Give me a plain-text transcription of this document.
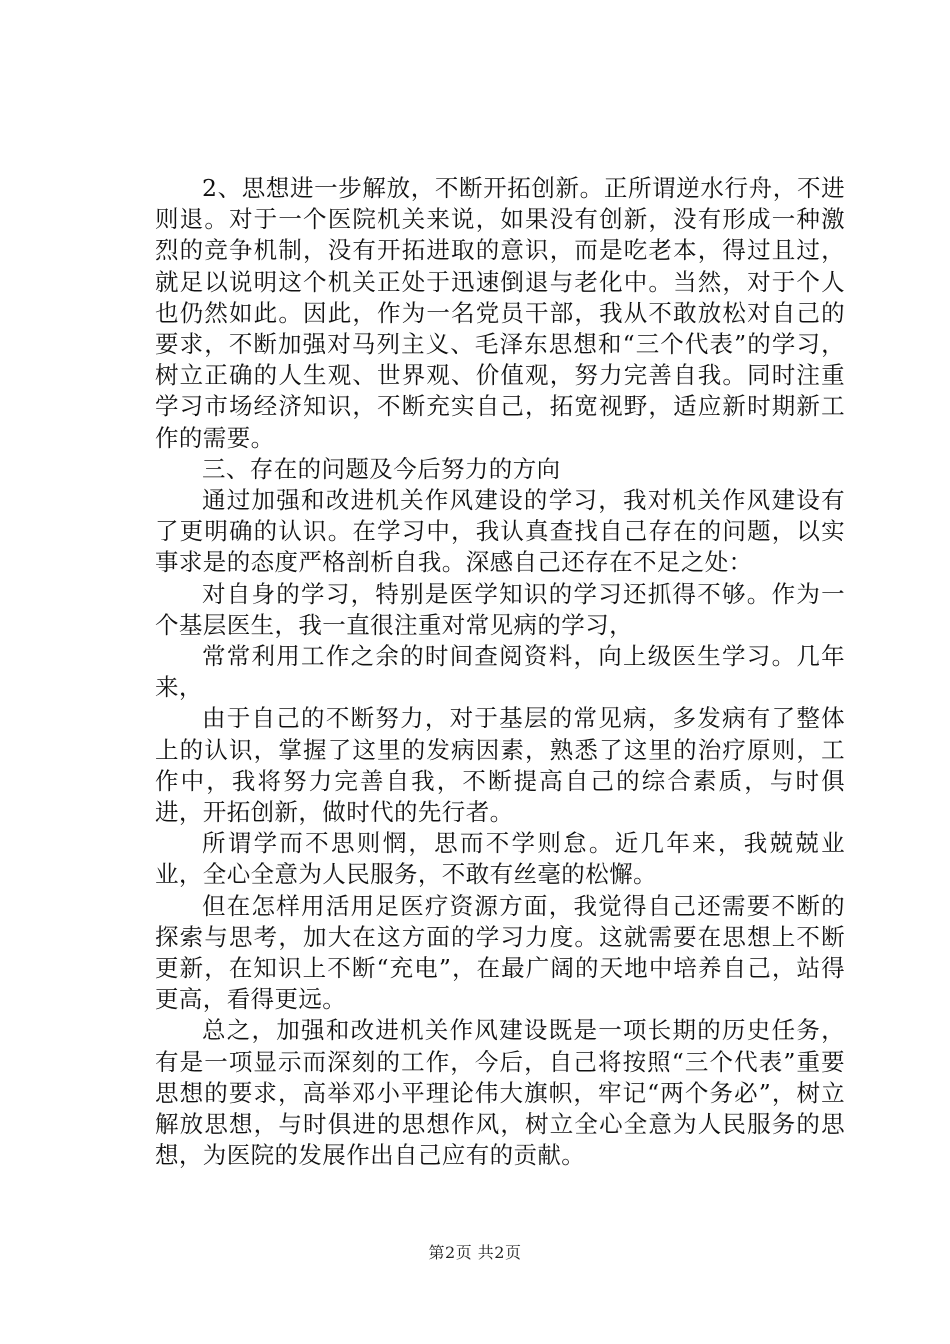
2、思想进一步解放，不断开拓创新。正所谓逆水行舟，不进则退。对于一个医院机关来说，如果没有创新，没有形成一种激烈的竞争机制，没有开拓进取的意识，而是吃老本，得过且过，就足以说明这个机关正处于迅速倒退与老化中。当然，对于个人也仍然如此。因此，作为一名党员干部，我从不敢放松对自己的要求，不断加强对马列主义、毛泽东思想和“三个代表”的学习，树立正确的人生观、世界观、价值观，努力完善自我。同时注重学习市场经济知识，不断充实自己，拓宽视野，适应新时期新工作的需要。

三、存在的问题及今后努力的方向

通过加强和改进机关作风建设的学习，我对机关作风建设有了更明确的认识。在学习中，我认真查找自己存在的问题，以实事求是的态度严格剖析自我。深感自己还存在不足之处：

对自身的学习，特别是医学知识的学习还抓得不够。作为一个基层医生，我一直很注重对常见病的学习，

常常利用工作之余的时间查阅资料，向上级医生学习。几年来，

由于自己的不断努力，对于基层的常见病，多发病有了整体上的认识，掌握了这里的发病因素，熟悉了这里的治疗原则，工作中，我将努力完善自我，不断提高自己的综合素质，与时俱进，开拓创新，做时代的先行者。

所谓学而不思则惘，思而不学则怠。近几年来，我兢兢业业，全心全意为人民服务，不敢有丝毫的松懈。

但在怎样用活用足医疗资源方面，我觉得自己还需要不断的探索与思考，加大在这方面的学习力度。这就需要在思想上不断更新，在知识上不断“充电”，在最广阔的天地中培养自己，站得更高，看得更远。

总之，加强和改进机关作风建设既是一项长期的历史任务，有是一项显示而深刻的工作，今后，自己将按照“三个代表”重要思想的要求，高举邓小平理论伟大旗帜，牢记“两个务必”，树立解放思想，与时俱进的思想作风，树立全心全意为人民服务的思想，为医院的发展作出自己应有的贡献。

第2页 共2页
